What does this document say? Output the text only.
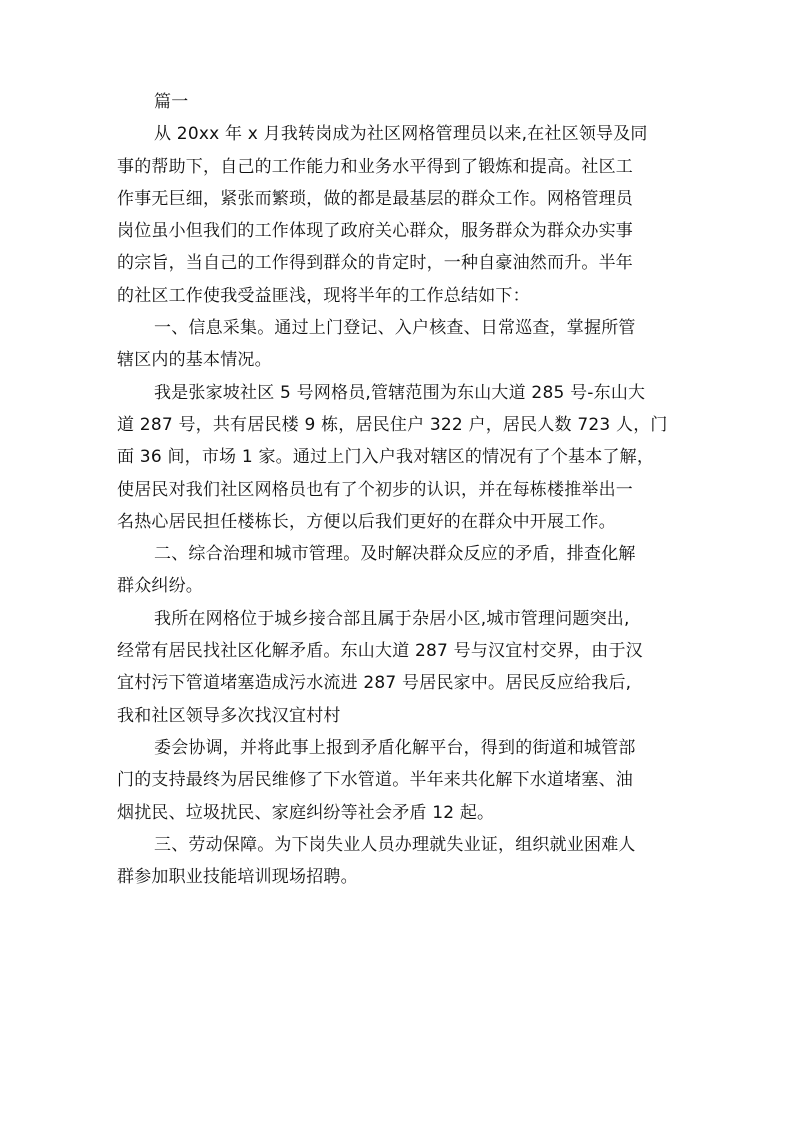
篇一
从 20xx 年 x 月我转岗成为社区网格管理员以来,在社区领导及同
事的帮助下，自己的工作能力和业务水平得到了锻炼和提高。社区工
作事无巨细，紧张而繁琐，做的都是最基层的群众工作。网格管理员
岗位虽小但我们的工作体现了政府关心群众，服务群众为群众办实事
的宗旨，当自己的工作得到群众的肯定时，一种自豪油然而升。半年
的社区工作使我受益匪浅，现将半年的工作总结如下：
一、信息采集。通过上门登记、入户核查、日常巡查，掌握所管
辖区内的基本情况。
我是张家坡社区 5 号网格员,管辖范围为东山大道 285 号-东山大
道 287 号，共有居民楼 9 栋，居民住户 322 户，居民人数 723 人，门
面 36 间，市场 1 家。通过上门入户我对辖区的情况有了个基本了解，
使居民对我们社区网格员也有了个初步的认识，并在每栋楼推举出一
名热心居民担任楼栋长，方便以后我们更好的在群众中开展工作。
二、综合治理和城市管理。及时解决群众反应的矛盾，排查化解
群众纠纷。
我所在网格位于城乡接合部且属于杂居小区,城市管理问题突出,
经常有居民找社区化解矛盾。东山大道 287 号与汉宜村交界，由于汉
宜村污下管道堵塞造成污水流进 287 号居民家中。居民反应给我后,
我和社区领导多次找汉宜村村
委会协调，并将此事上报到矛盾化解平台，得到的街道和城管部
门的支持最终为居民维修了下水管道。半年来共化解下水道堵塞、油
烟扰民、垃圾扰民、家庭纠纷等社会矛盾 12 起。
三、劳动保障。为下岗失业人员办理就失业证，组织就业困难人
群参加职业技能培训现场招聘。
